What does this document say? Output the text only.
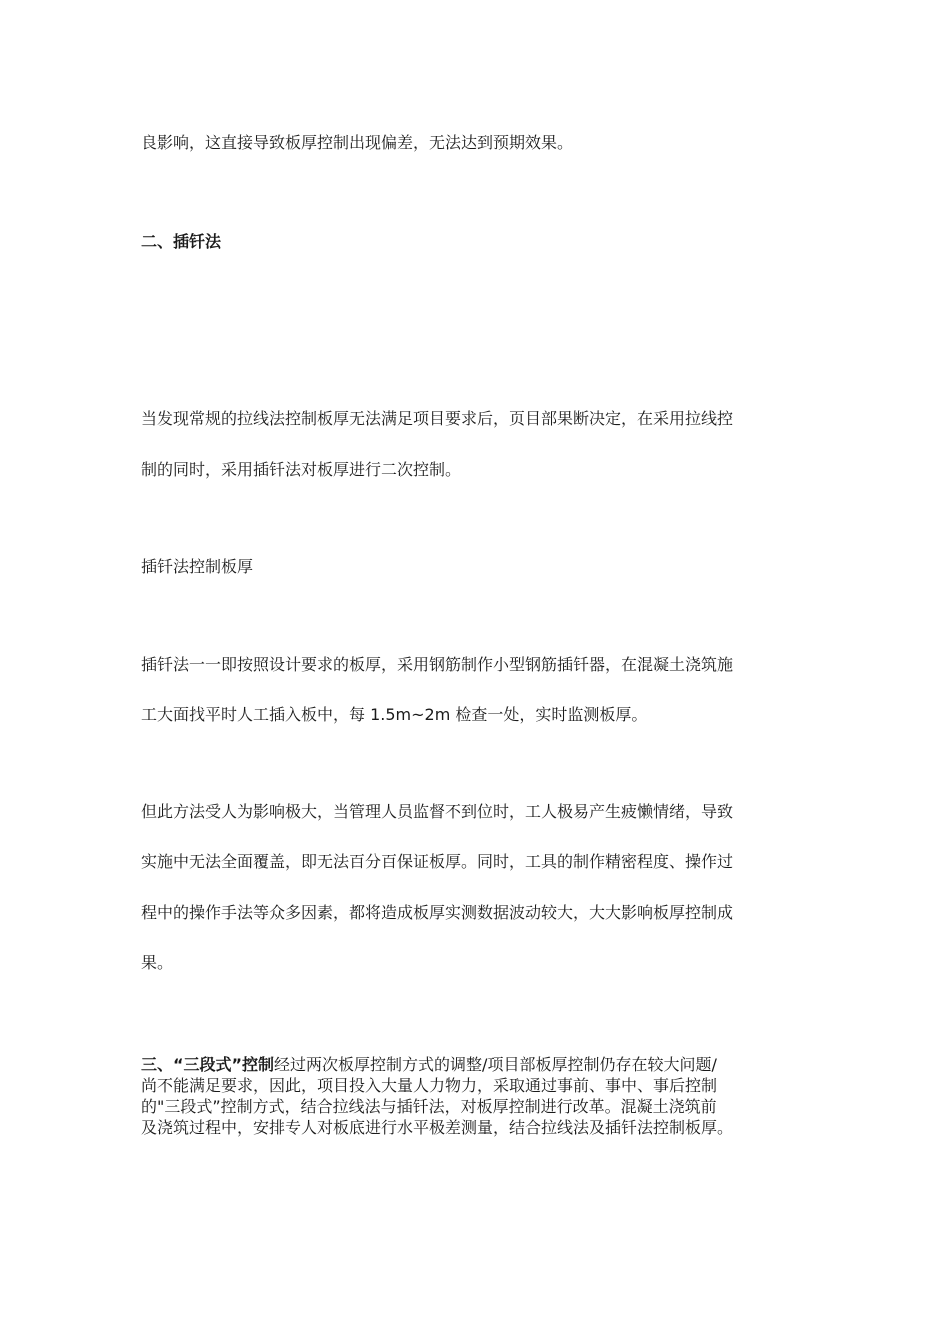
良影响，这直接导致板厚控制出现偏差，无法达到预期效果。
二、插钎法
当发现常规的拉线法控制板厚无法满足项目要求后，页目部果断决定，在采用拉线控
制的同时，采用插钎法对板厚进行二次控制。
插钎法控制板厚
插钎法一一即按照设计要求的板厚，采用钢筋制作小型钢筋插钎器，在混凝土浇筑施
工大面找平时人工插入板中，每 1.5m~2m 检查一处，实时监测板厚。
但此方法受人为影响极大，当管理人员监督不到位时，工人极易产生疲懒情绪，导致
实施中无法全面覆盖，即无法百分百保证板厚。同时，工具的制作精密程度、操作过
程中的操作手法等众多因素，都将造成板厚实测数据波动较大，大大影响板厚控制成
果。
三、“三段式”控制经过两次板厚控制方式的调整/项目部板厚控制仍存在较大问题/
尚不能满足要求，因此，项目投入大量人力物力，采取通过事前、事中、事后控制
的"三段式”控制方式，结合拉线法与插钎法，对板厚控制进行改革。混凝土浇筑前
及浇筑过程中，安排专人对板底进行水平极差测量，结合拉线法及插钎法控制板厚。
